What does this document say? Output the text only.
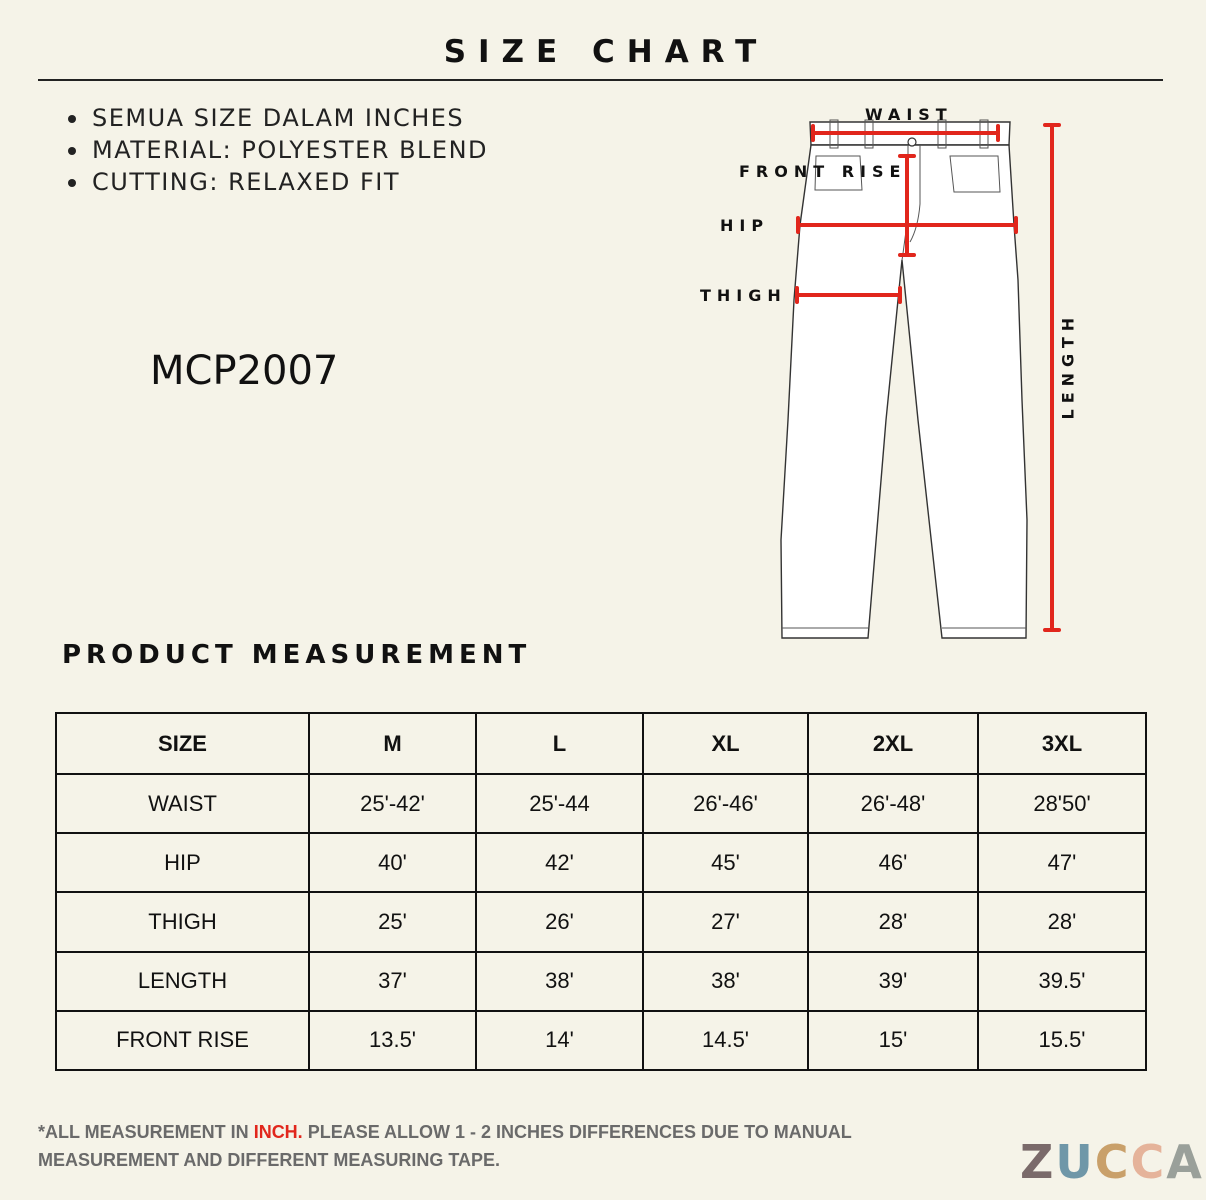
SIZE CHART
SEMUA SIZE DALAM INCHES
MATERIAL: POLYESTER BLEND
CUTTING: RELAXED FIT
MCP2007
WAIST
FRONT RISE
HIP
THIGH
LENGTH
PRODUCT MEASUREMENT
SIZE	M	L	XL	2XL	3XL
WAIST	25'-42'	25'-44	26'-46'	26'-48'	28'50'
HIP	40'	42'	45'	46'	47'
THIGH	25'	26'	27'	28'	28'
LENGTH	37'	38'	38'	39'	39.5'
FRONT RISE	13.5'	14'	14.5'	15'	15.5'
*ALL MEASUREMENT IN INCH. PLEASE ALLOW 1 - 2 INCHES DIFFERENCES DUE TO MANUAL MEASUREMENT AND DIFFERENT MEASURING TAPE.	ZUCCA
